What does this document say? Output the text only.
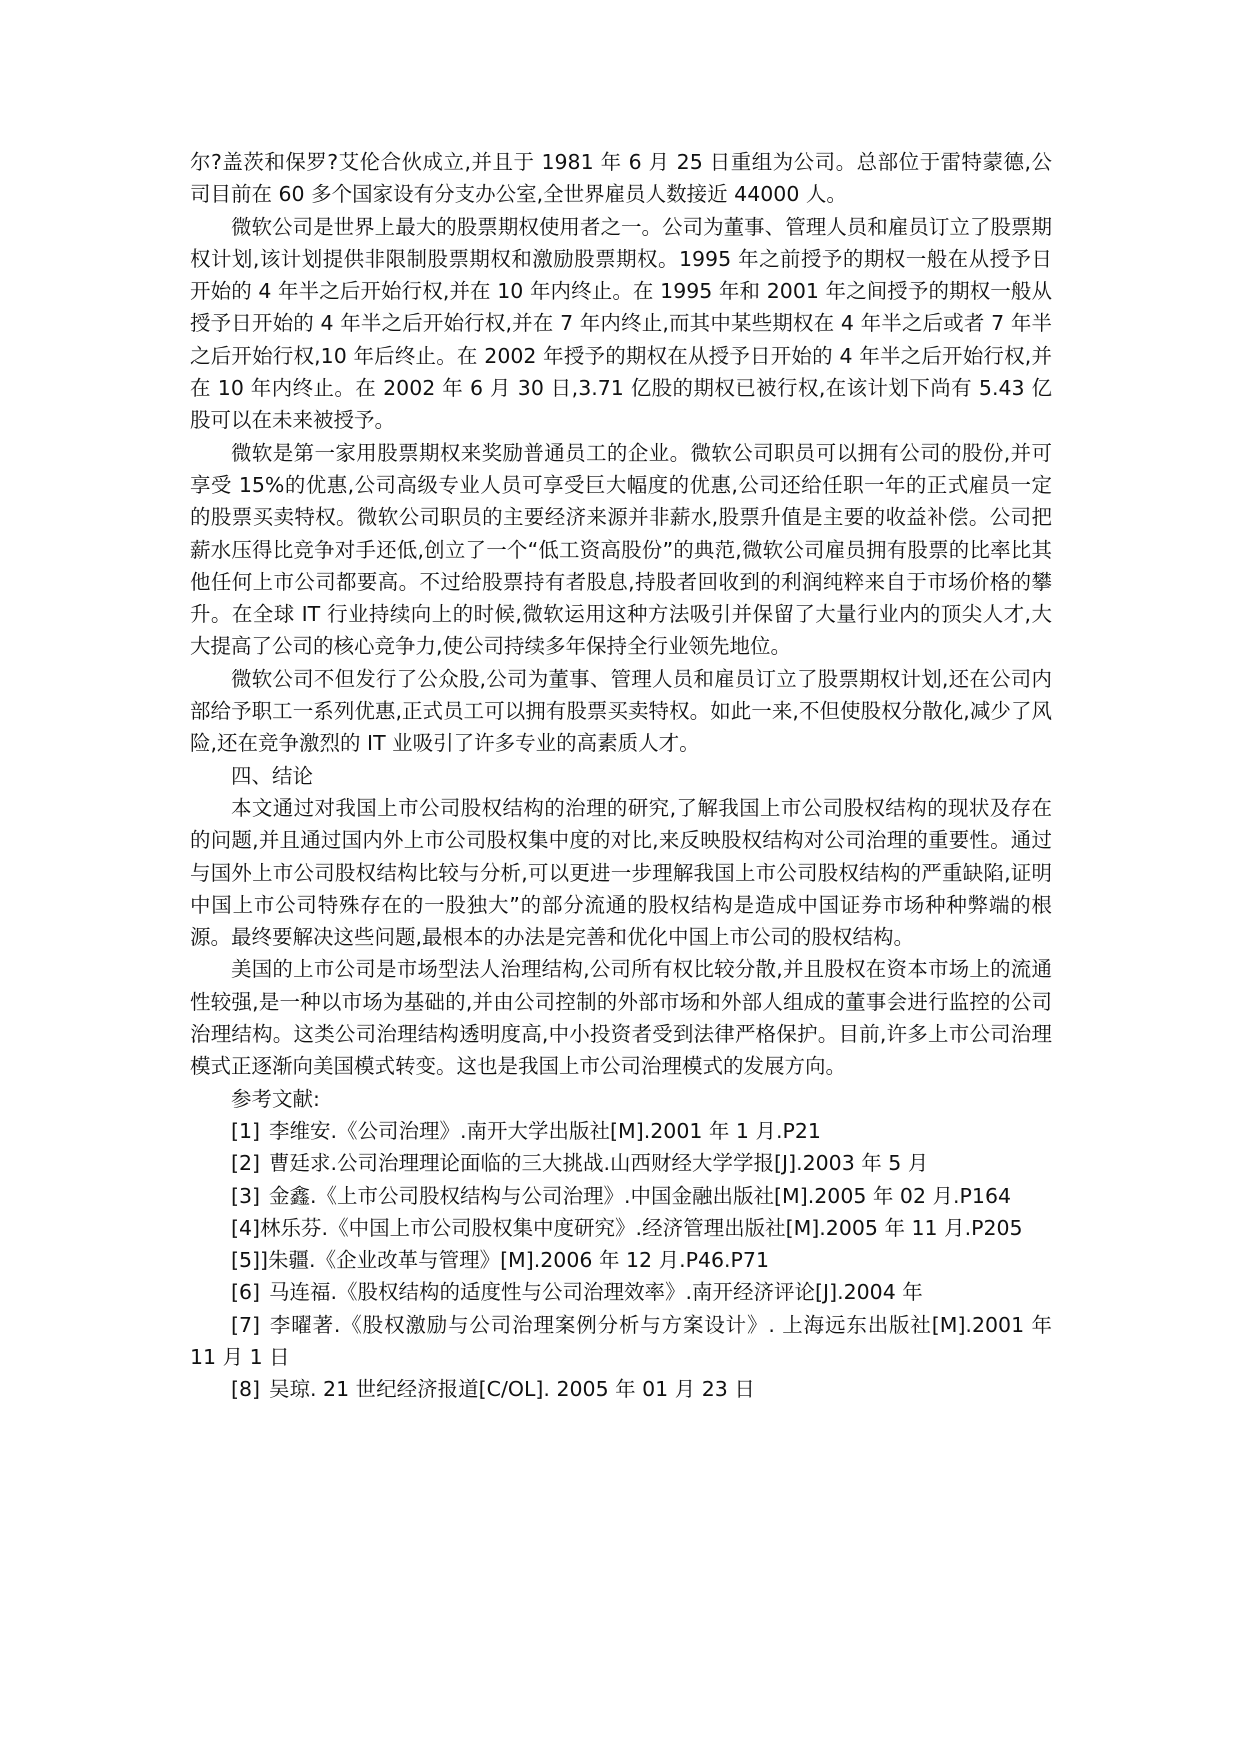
尔?盖茨和保罗?艾伦合伙成立,并且于 1981 年 6 月 25 日重组为公司。总部位于雷特蒙德,公司目前在 60 多个国家设有分支办公室,全世界雇员人数接近 44000 人。

微软公司是世界上最大的股票期权使用者之一。公司为董事、管理人员和雇员订立了股票期权计划,该计划提供非限制股票期权和激励股票期权。1995 年之前授予的期权一般在从授予日开始的 4 年半之后开始行权,并在 10 年内终止。在 1995 年和 2001 年之间授予的期权一般从授予日开始的 4 年半之后开始行权,并在 7 年内终止,而其中某些期权在 4 年半之后或者 7 年半之后开始行权,10 年后终止。在 2002 年授予的期权在从授予日开始的 4 年半之后开始行权,并在 10 年内终止。在 2002 年 6 月 30 日,3.71 亿股的期权已被行权,在该计划下尚有 5.43 亿股可以在未来被授予。

微软是第一家用股票期权来奖励普通员工的企业。微软公司职员可以拥有公司的股份,并可享受 15%的优惠,公司高级专业人员可享受巨大幅度的优惠,公司还给任职一年的正式雇员一定的股票买卖特权。微软公司职员的主要经济来源并非薪水,股票升值是主要的收益补偿。公司把薪水压得比竞争对手还低,创立了一个“低工资高股份”的典范,微软公司雇员拥有股票的比率比其他任何上市公司都要高。不过给股票持有者股息,持股者回收到的利润纯粹来自于市场价格的攀升。在全球 IT 行业持续向上的时候,微软运用这种方法吸引并保留了大量行业内的顶尖人才,大大提高了公司的核心竞争力,使公司持续多年保持全行业领先地位。

微软公司不但发行了公众股,公司为董事、管理人员和雇员订立了股票期权计划,还在公司内部给予职工一系列优惠,正式员工可以拥有股票买卖特权。如此一来,不但使股权分散化,减少了风险,还在竞争激烈的 IT 业吸引了许多专业的高素质人才。

四、结论

本文通过对我国上市公司股权结构的治理的研究,了解我国上市公司股权结构的现状及存在的问题,并且通过国内外上市公司股权集中度的对比,来反映股权结构对公司治理的重要性。通过与国外上市公司股权结构比较与分析,可以更进一步理解我国上市公司股权结构的严重缺陷,证明中国上市公司特殊存在的一股独大”的部分流通的股权结构是造成中国证券市场种种弊端的根源。最终要解决这些问题,最根本的办法是完善和优化中国上市公司的股权结构。

美国的上市公司是市场型法人治理结构,公司所有权比较分散,并且股权在资本市场上的流通性较强,是一种以市场为基础的,并由公司控制的外部市场和外部人组成的董事会进行监控的公司治理结构。这类公司治理结构透明度高,中小投资者受到法律严格保护。目前,许多上市公司治理模式正逐渐向美国模式转变。这也是我国上市公司治理模式的发展方向。

参考文献:

[1] 李维安.《公司治理》.南开大学出版社[M].2001 年 1 月.P21

[2] 曹廷求.公司治理理论面临的三大挑战.山西财经大学学报[J].2003 年 5 月

[3] 金鑫.《上市公司股权结构与公司治理》.中国金融出版社[M].2005 年 02 月.P164

[4]林乐芬.《中国上市公司股权集中度研究》.经济管理出版社[M].2005 年 11 月.P205

[5]]朱疆.《企业改革与管理》[M].2006 年 12 月.P46.P71

[6] 马连福.《股权结构的适度性与公司治理效率》.南开经济评论[J].2004 年

[7] 李曜著.《股权激励与公司治理案例分析与方案设计》. 上海远东出版社[M].2001 年 11 月 1 日

[8] 吴琼. 21 世纪经济报道[C/OL]. 2005 年 01 月 23 日
